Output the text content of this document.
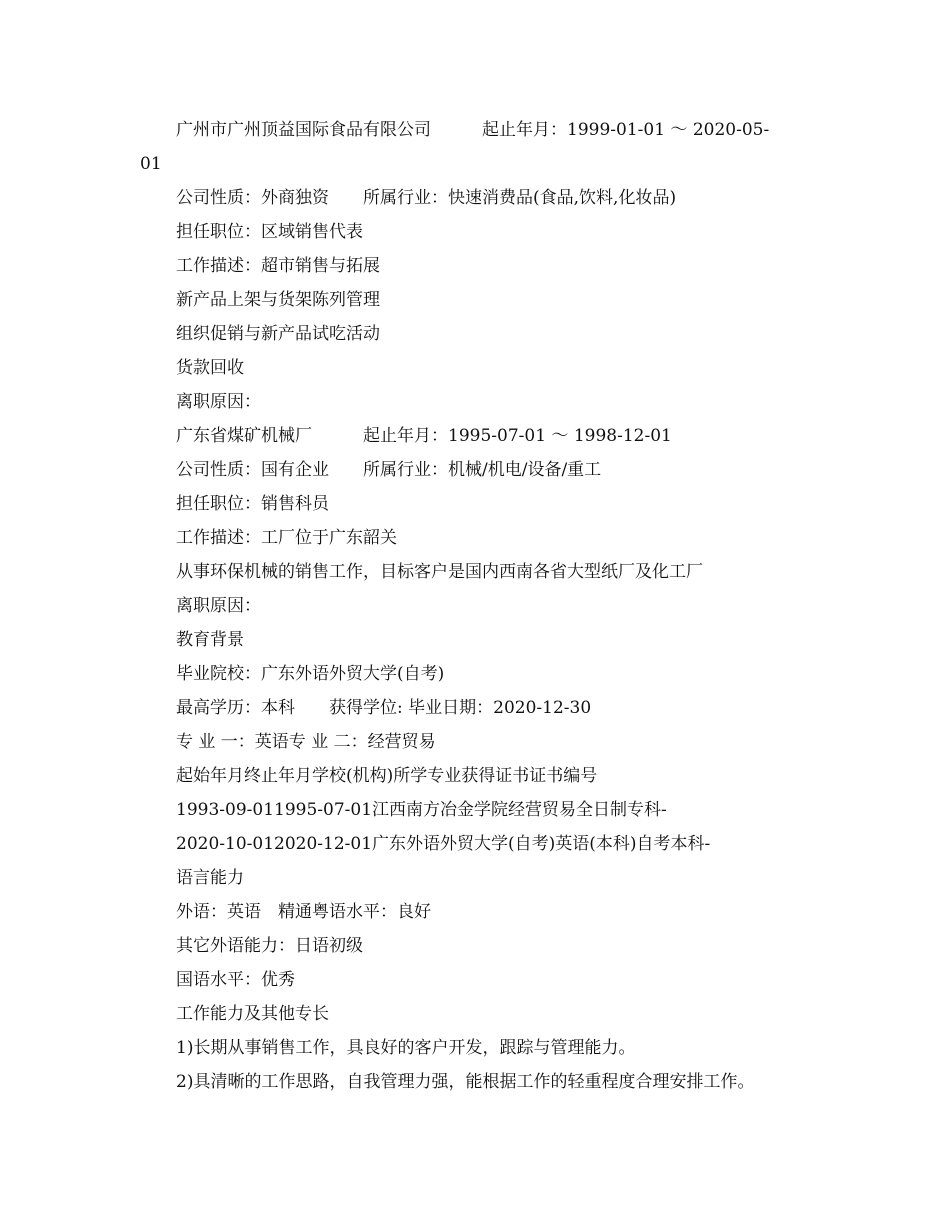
广州市广州顶益国际食品有限公司　　　起止年月：1999-01-01 ～ 2020-05-
01
公司性质：外商独资　　所属行业：快速消费品(食品,饮料,化妆品)
担任职位：区域销售代表
工作描述：超市销售与拓展
新产品上架与货架陈列管理
组织促销与新产品试吃活动
货款回收
离职原因：
广东省煤矿机械厂　　　起止年月：1995-07-01 ～ 1998-12-01
公司性质：国有企业　　所属行业：机械/机电/设备/重工
担任职位：销售科员
工作描述：工厂位于广东韶关
从事环保机械的销售工作，目标客户是国内西南各省大型纸厂及化工厂
离职原因：
教育背景
毕业院校：广东外语外贸大学(自考)
最高学历：本科　　获得学位: 毕业日期：2020-12-30
专 业 一：英语专 业 二：经营贸易
起始年月终止年月学校(机构)所学专业获得证书证书编号
1993-09-011995-07-01江西南方冶金学院经营贸易全日制专科-
2020-10-012020-12-01广东外语外贸大学(自考)英语(本科)自考本科-
语言能力
外语：英语　精通粤语水平：良好
其它外语能力：日语初级
国语水平：优秀
工作能力及其他专长
1)长期从事销售工作，具良好的客户开发，跟踪与管理能力。
2)具清晰的工作思路，自我管理力强，能根据工作的轻重程度合理安排工作。
